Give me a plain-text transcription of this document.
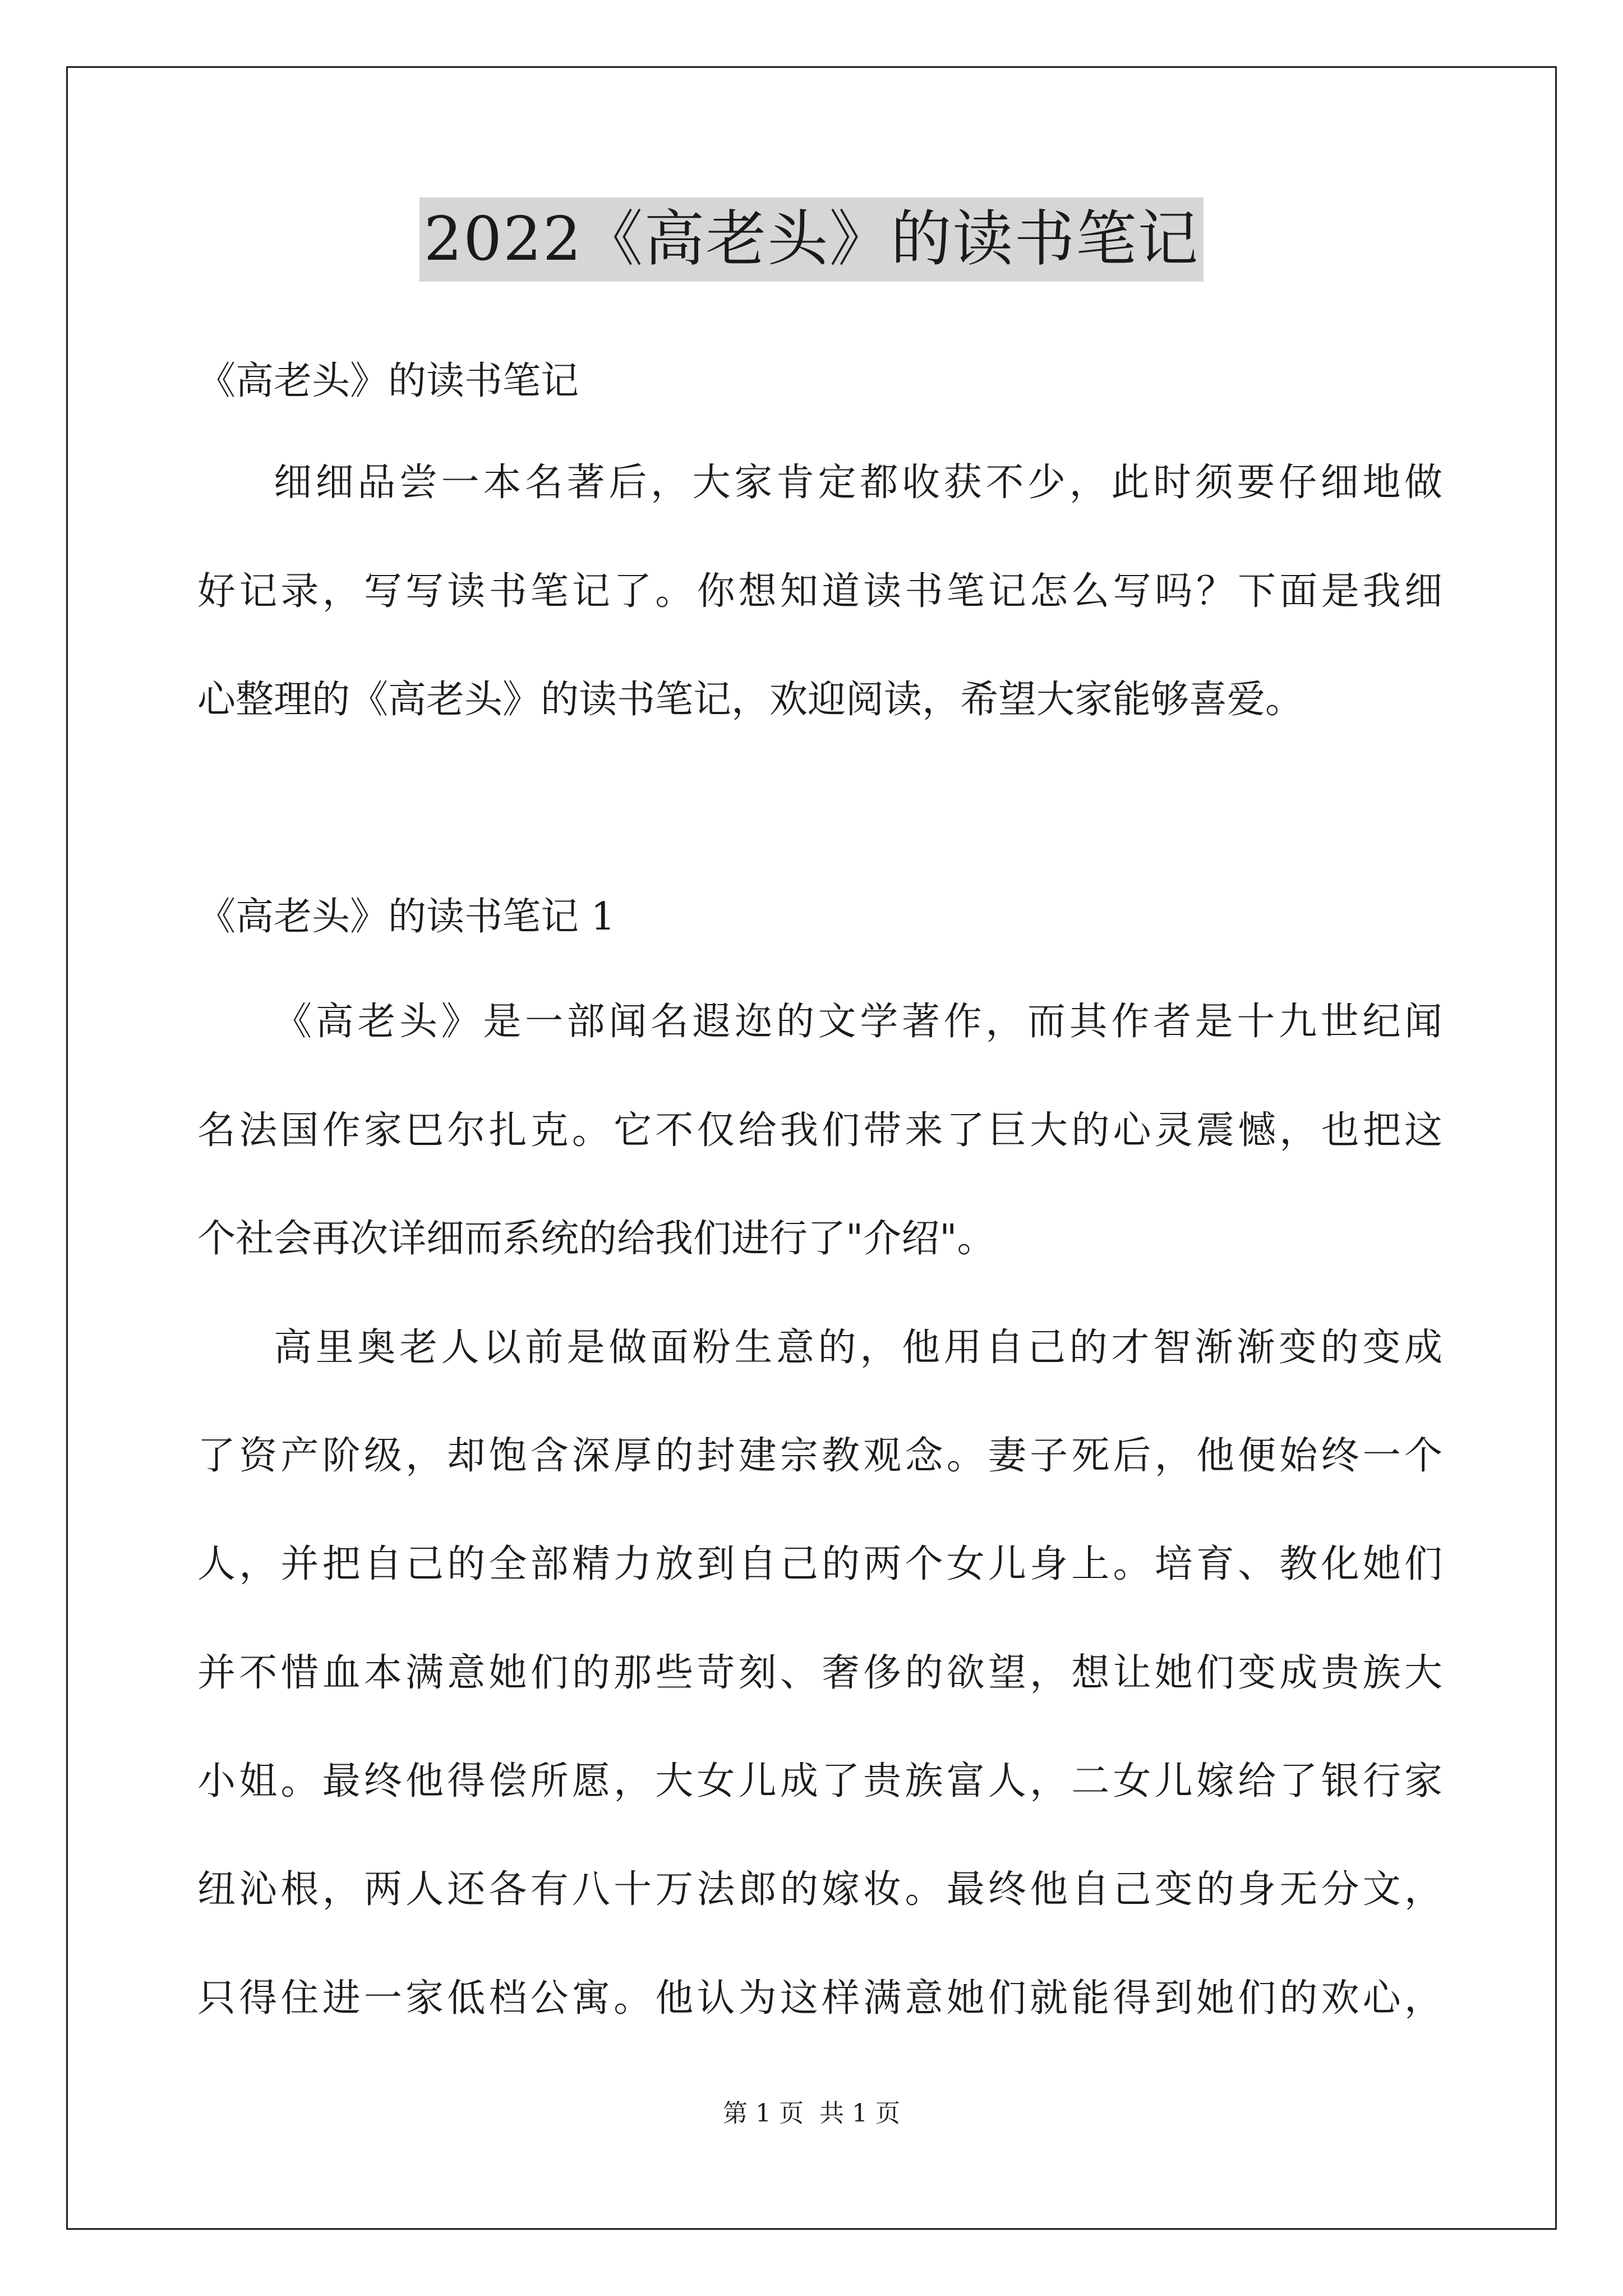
2022《高老头》的读书笔记
《高老头》的读书笔记
细细品尝一本名著后，大家肯定都收获不少，此时须要仔细地做
好记录，写写读书笔记了。你想知道读书笔记怎么写吗？下面是我细
心整理的《高老头》的读书笔记，欢迎阅读，希望大家能够喜爱。
《高老头》的读书笔记 1
《高老头》是一部闻名遐迩的文学著作，而其作者是十九世纪闻
名法国作家巴尔扎克。它不仅给我们带来了巨大的心灵震憾，也把这
个社会再次详细而系统的给我们进行了"介绍"。
高里奥老人以前是做面粉生意的，他用自己的才智渐渐变的变成
了资产阶级，却饱含深厚的封建宗教观念。妻子死后，他便始终一个
人，并把自己的全部精力放到自己的两个女儿身上。培育、教化她们
并不惜血本满意她们的那些苛刻、奢侈的欲望，想让她们变成贵族大
小姐。最终他得偿所愿，大女儿成了贵族富人，二女儿嫁给了银行家
纽沁根，两人还各有八十万法郎的嫁妆。最终他自己变的身无分文，
只得住进一家低档公寓。他认为这样满意她们就能得到她们的欢心，
第 1 页 共 1 页
